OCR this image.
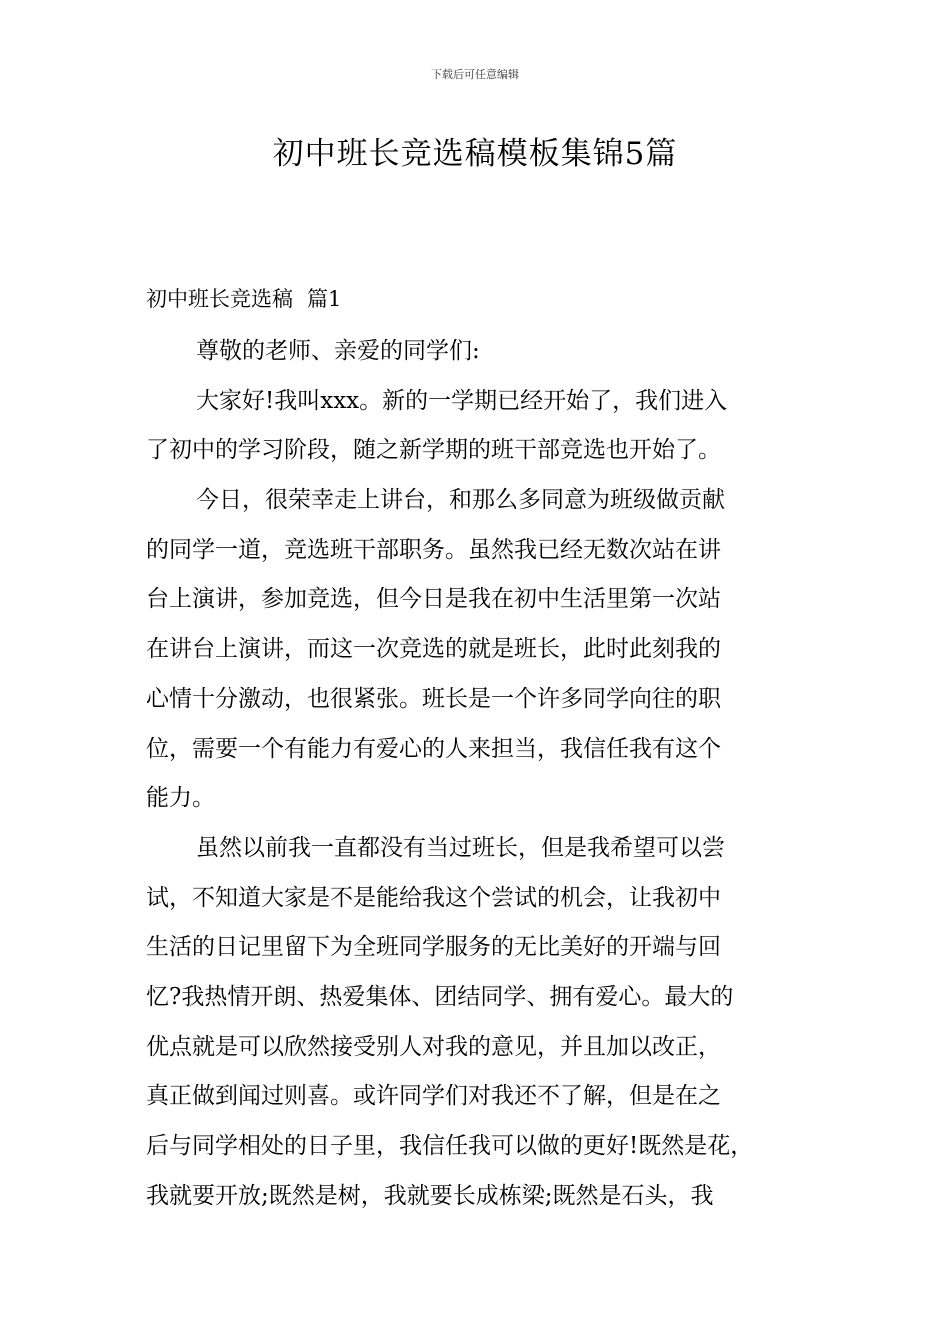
下载后可任意编辑
初中班长竞选稿模板集锦5篇
初中班长竞选稿 篇1
尊敬的老师、亲爱的同学们:
大家好!我叫xxx。新的一学期已经开始了，我们进入
了初中的学习阶段，随之新学期的班干部竞选也开始了。
今日，很荣幸走上讲台，和那么多同意为班级做贡献
的同学一道，竞选班干部职务。虽然我已经无数次站在讲
台上演讲，参加竞选，但今日是我在初中生活里第一次站
在讲台上演讲，而这一次竞选的就是班长，此时此刻我的
心情十分激动，也很紧张。班长是一个许多同学向往的职
位，需要一个有能力有爱心的人来担当，我信任我有这个
能力。
虽然以前我一直都没有当过班长，但是我希望可以尝
试，不知道大家是不是能给我这个尝试的机会，让我初中
生活的日记里留下为全班同学服务的无比美好的开端与回
忆?我热情开朗、热爱集体、团结同学、拥有爱心。最大的
优点就是可以欣然接受别人对我的意见，并且加以改正，
真正做到闻过则喜。或许同学们对我还不了解，但是在之
后与同学相处的日子里，我信任我可以做的更好!既然是花，
我就要开放;既然是树，我就要长成栋梁;既然是石头，我
